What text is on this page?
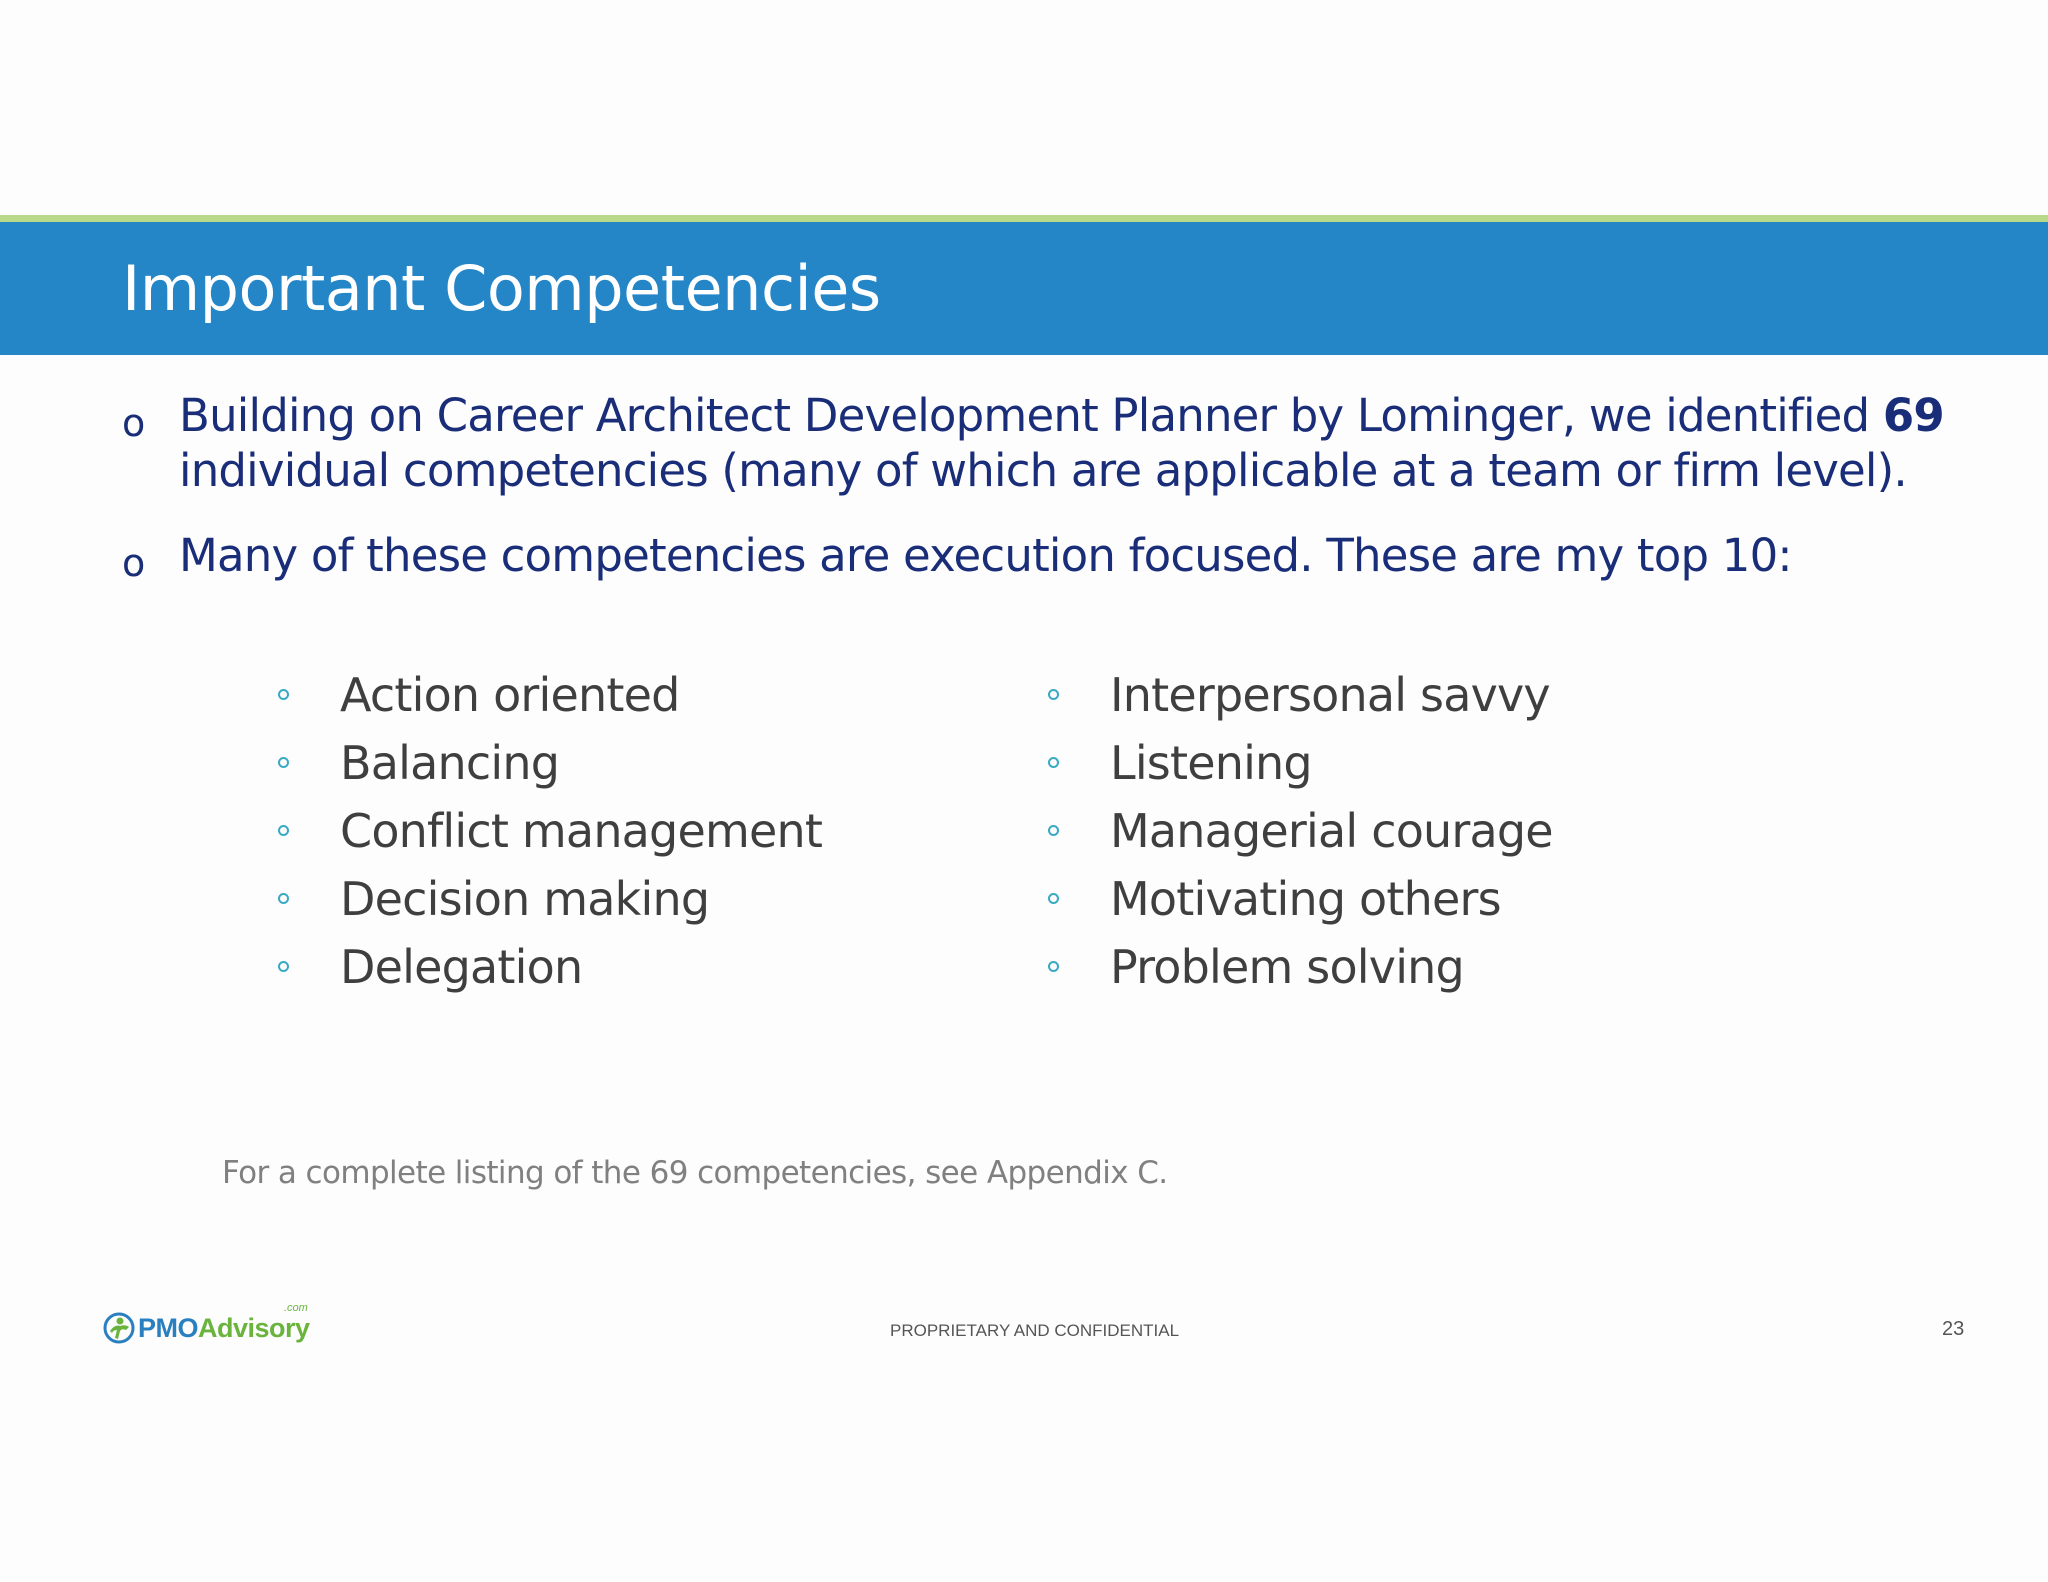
Important Competencies
o Building on Career Architect Development Planner by Lominger, we identified 69 individual competencies (many of which are applicable at a team or firm level).
o Many of these competencies are execution focused. These are my top 10:
Action oriented
Balancing
Conflict management
Decision making
Delegation
Interpersonal savvy
Listening
Managerial courage
Motivating others
Problem solving
For a complete listing of the 69 competencies, see Appendix C.
PMOAdvisory
.com
PROPRIETARY AND CONFIDENTIAL	23
